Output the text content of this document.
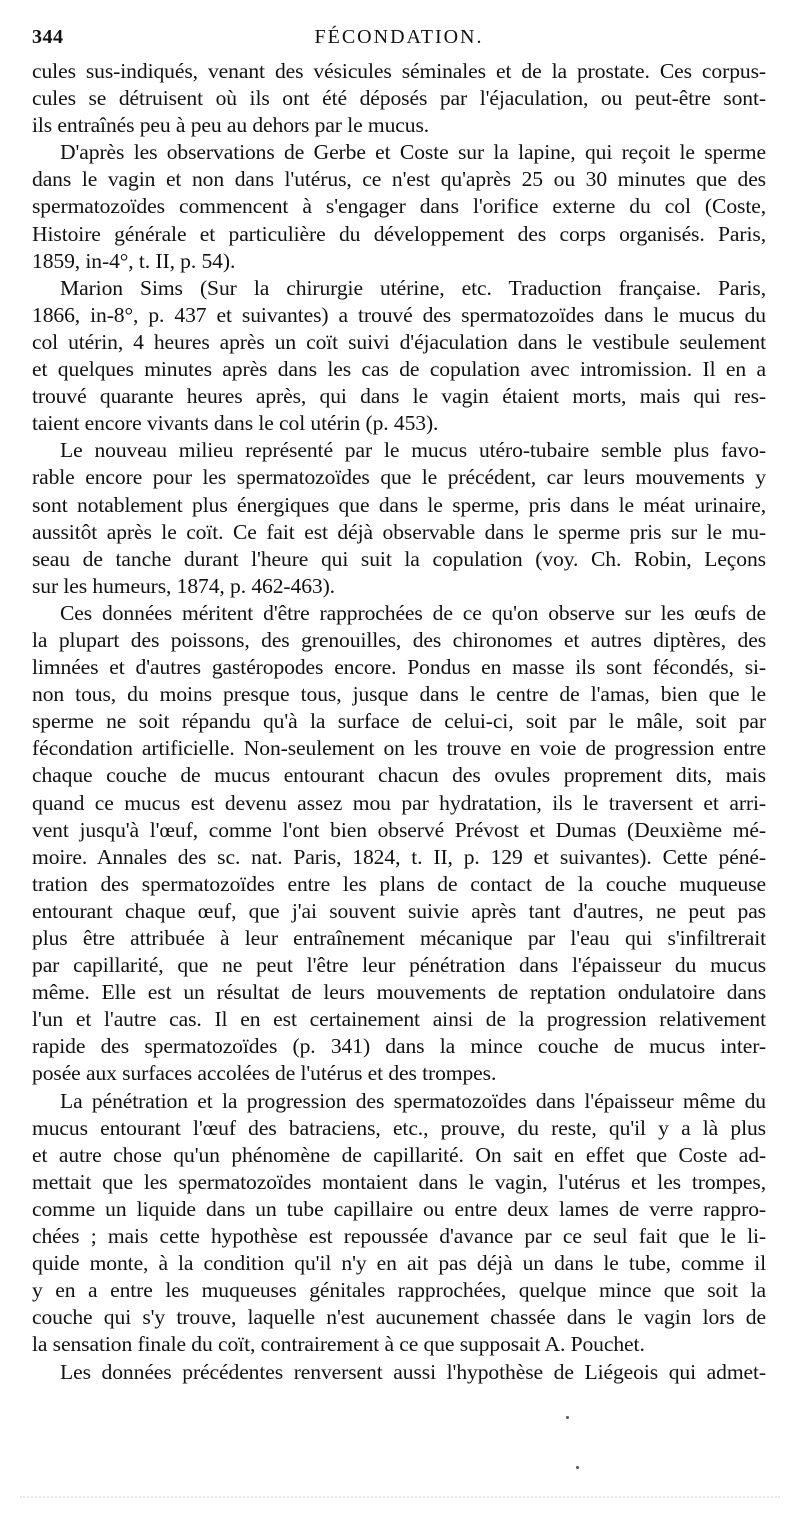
344	FÉCONDATION.
cules sus-indiqués, venant des vésicules séminales et de la prostate. Ces corpus-
cules se détruisent où ils ont été déposés par l'éjaculation, ou peut-être sont-
ils entraînés peu à peu au dehors par le mucus.
D'après les observations de Gerbe et Coste sur la lapine, qui reçoit le sperme
dans le vagin et non dans l'utérus, ce n'est qu'après 25 ou 30 minutes que des
spermatozoïdes commencent à s'engager dans l'orifice externe du col (Coste,
Histoire générale et particulière du développement des corps organisés. Paris,
1859, in-4°, t. II, p. 54).
Marion Sims (Sur la chirurgie utérine, etc. Traduction française. Paris,
1866, in-8°, p. 437 et suivantes) a trouvé des spermatozoïdes dans le mucus du
col utérin, 4 heures après un coït suivi d'éjaculation dans le vestibule seulement
et quelques minutes après dans les cas de copulation avec intromission. Il en a
trouvé quarante heures après, qui dans le vagin étaient morts, mais qui res-
taient encore vivants dans le col utérin (p. 453).
Le nouveau milieu représenté par le mucus utéro-tubaire semble plus favo-
rable encore pour les spermatozoïdes que le précédent, car leurs mouvements y
sont notablement plus énergiques que dans le sperme, pris dans le méat urinaire,
aussitôt après le coït. Ce fait est déjà observable dans le sperme pris sur le mu-
seau de tanche durant l'heure qui suit la copulation (voy. Ch. Robin, Leçons
sur les humeurs, 1874, p. 462-463).
Ces données méritent d'être rapprochées de ce qu'on observe sur les œufs de
la plupart des poissons, des grenouilles, des chironomes et autres diptères, des
limnées et d'autres gastéropodes encore. Pondus en masse ils sont fécondés, si-
non tous, du moins presque tous, jusque dans le centre de l'amas, bien que le
sperme ne soit répandu qu'à la surface de celui-ci, soit par le mâle, soit par
fécondation artificielle. Non-seulement on les trouve en voie de progression entre
chaque couche de mucus entourant chacun des ovules proprement dits, mais
quand ce mucus est devenu assez mou par hydratation, ils le traversent et arri-
vent jusqu'à l'œuf, comme l'ont bien observé Prévost et Dumas (Deuxième mé-
moire. Annales des sc. nat. Paris, 1824, t. II, p. 129 et suivantes). Cette péné-
tration des spermatozoïdes entre les plans de contact de la couche muqueuse
entourant chaque œuf, que j'ai souvent suivie après tant d'autres, ne peut pas
plus être attribuée à leur entraînement mécanique par l'eau qui s'infiltrerait
par capillarité, que ne peut l'être leur pénétration dans l'épaisseur du mucus
même. Elle est un résultat de leurs mouvements de reptation ondulatoire dans
l'un et l'autre cas. Il en est certainement ainsi de la progression relativement
rapide des spermatozoïdes (p. 341) dans la mince couche de mucus inter-
posée aux surfaces accolées de l'utérus et des trompes.
La pénétration et la progression des spermatozoïdes dans l'épaisseur même du
mucus entourant l'œuf des batraciens, etc., prouve, du reste, qu'il y a là plus
et autre chose qu'un phénomène de capillarité. On sait en effet que Coste ad-
mettait que les spermatozoïdes montaient dans le vagin, l'utérus et les trompes,
comme un liquide dans un tube capillaire ou entre deux lames de verre rappro-
chées ; mais cette hypothèse est repoussée d'avance par ce seul fait que le li-
quide monte, à la condition qu'il n'y en ait pas déjà un dans le tube, comme il
y en a entre les muqueuses génitales rapprochées, quelque mince que soit la
couche qui s'y trouve, laquelle n'est aucunement chassée dans le vagin lors de
la sensation finale du coït, contrairement à ce que supposait A. Pouchet.
Les données précédentes renversent aussi l'hypothèse de Liégeois qui admet-
